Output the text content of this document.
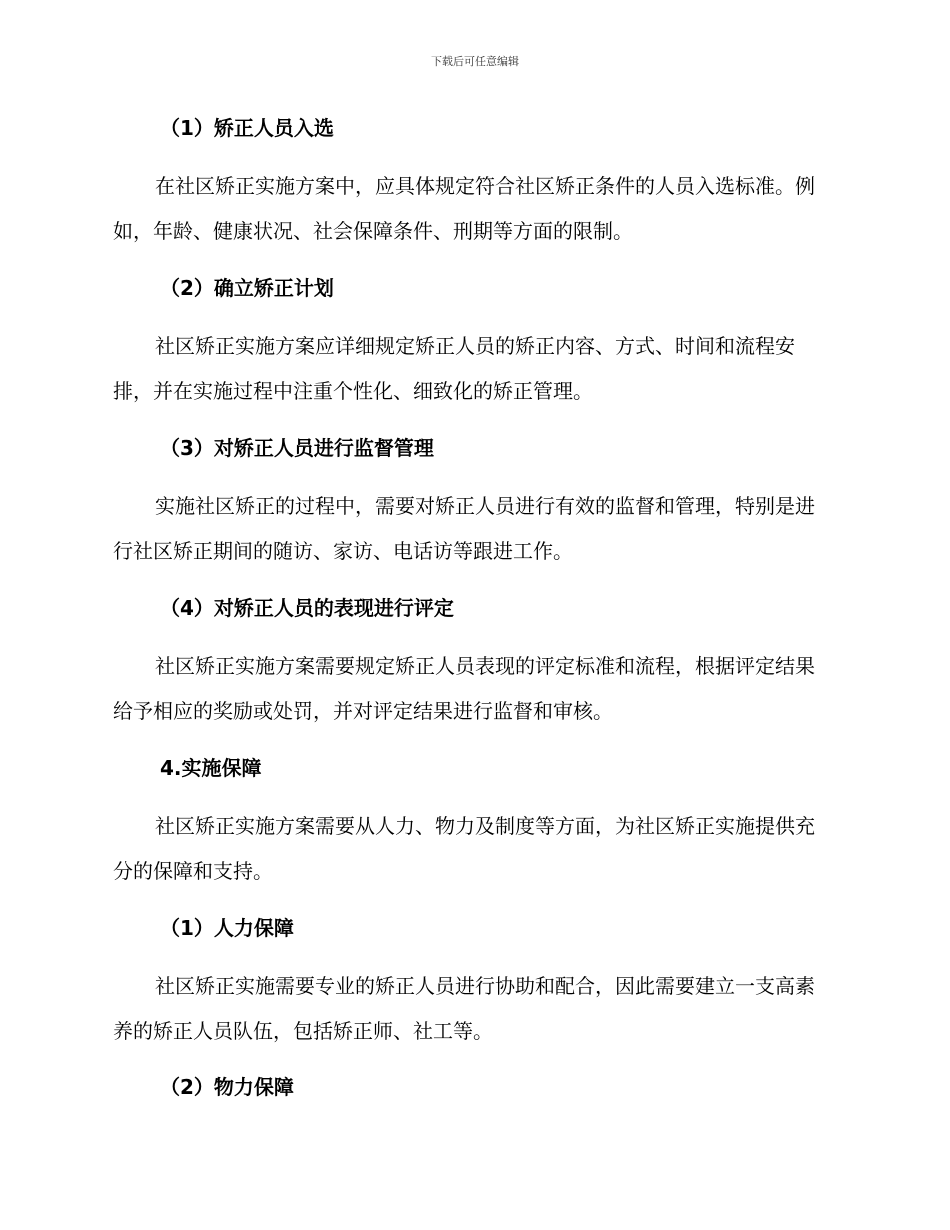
下载后可任意编辑
（1）矫正人员入选

在社区矫正实施方案中，应具体规定符合社区矫正条件的人员入选标准。例如，年龄、健康状况、社会保障条件、刑期等方面的限制。

（2）确立矫正计划

社区矫正实施方案应详细规定矫正人员的矫正内容、方式、时间和流程安排，并在实施过程中注重个性化、细致化的矫正管理。

（3）对矫正人员进行监督管理

实施社区矫正的过程中，需要对矫正人员进行有效的监督和管理，特别是进行社区矫正期间的随访、家访、电话访等跟进工作。

（4）对矫正人员的表现进行评定

社区矫正实施方案需要规定矫正人员表现的评定标准和流程，根据评定结果给予相应的奖励或处罚，并对评定结果进行监督和审核。

4.实施保障

社区矫正实施方案需要从人力、物力及制度等方面，为社区矫正实施提供充分的保障和支持。

（1）人力保障

社区矫正实施需要专业的矫正人员进行协助和配合，因此需要建立一支高素养的矫正人员队伍，包括矫正师、社工等。

（2）物力保障
